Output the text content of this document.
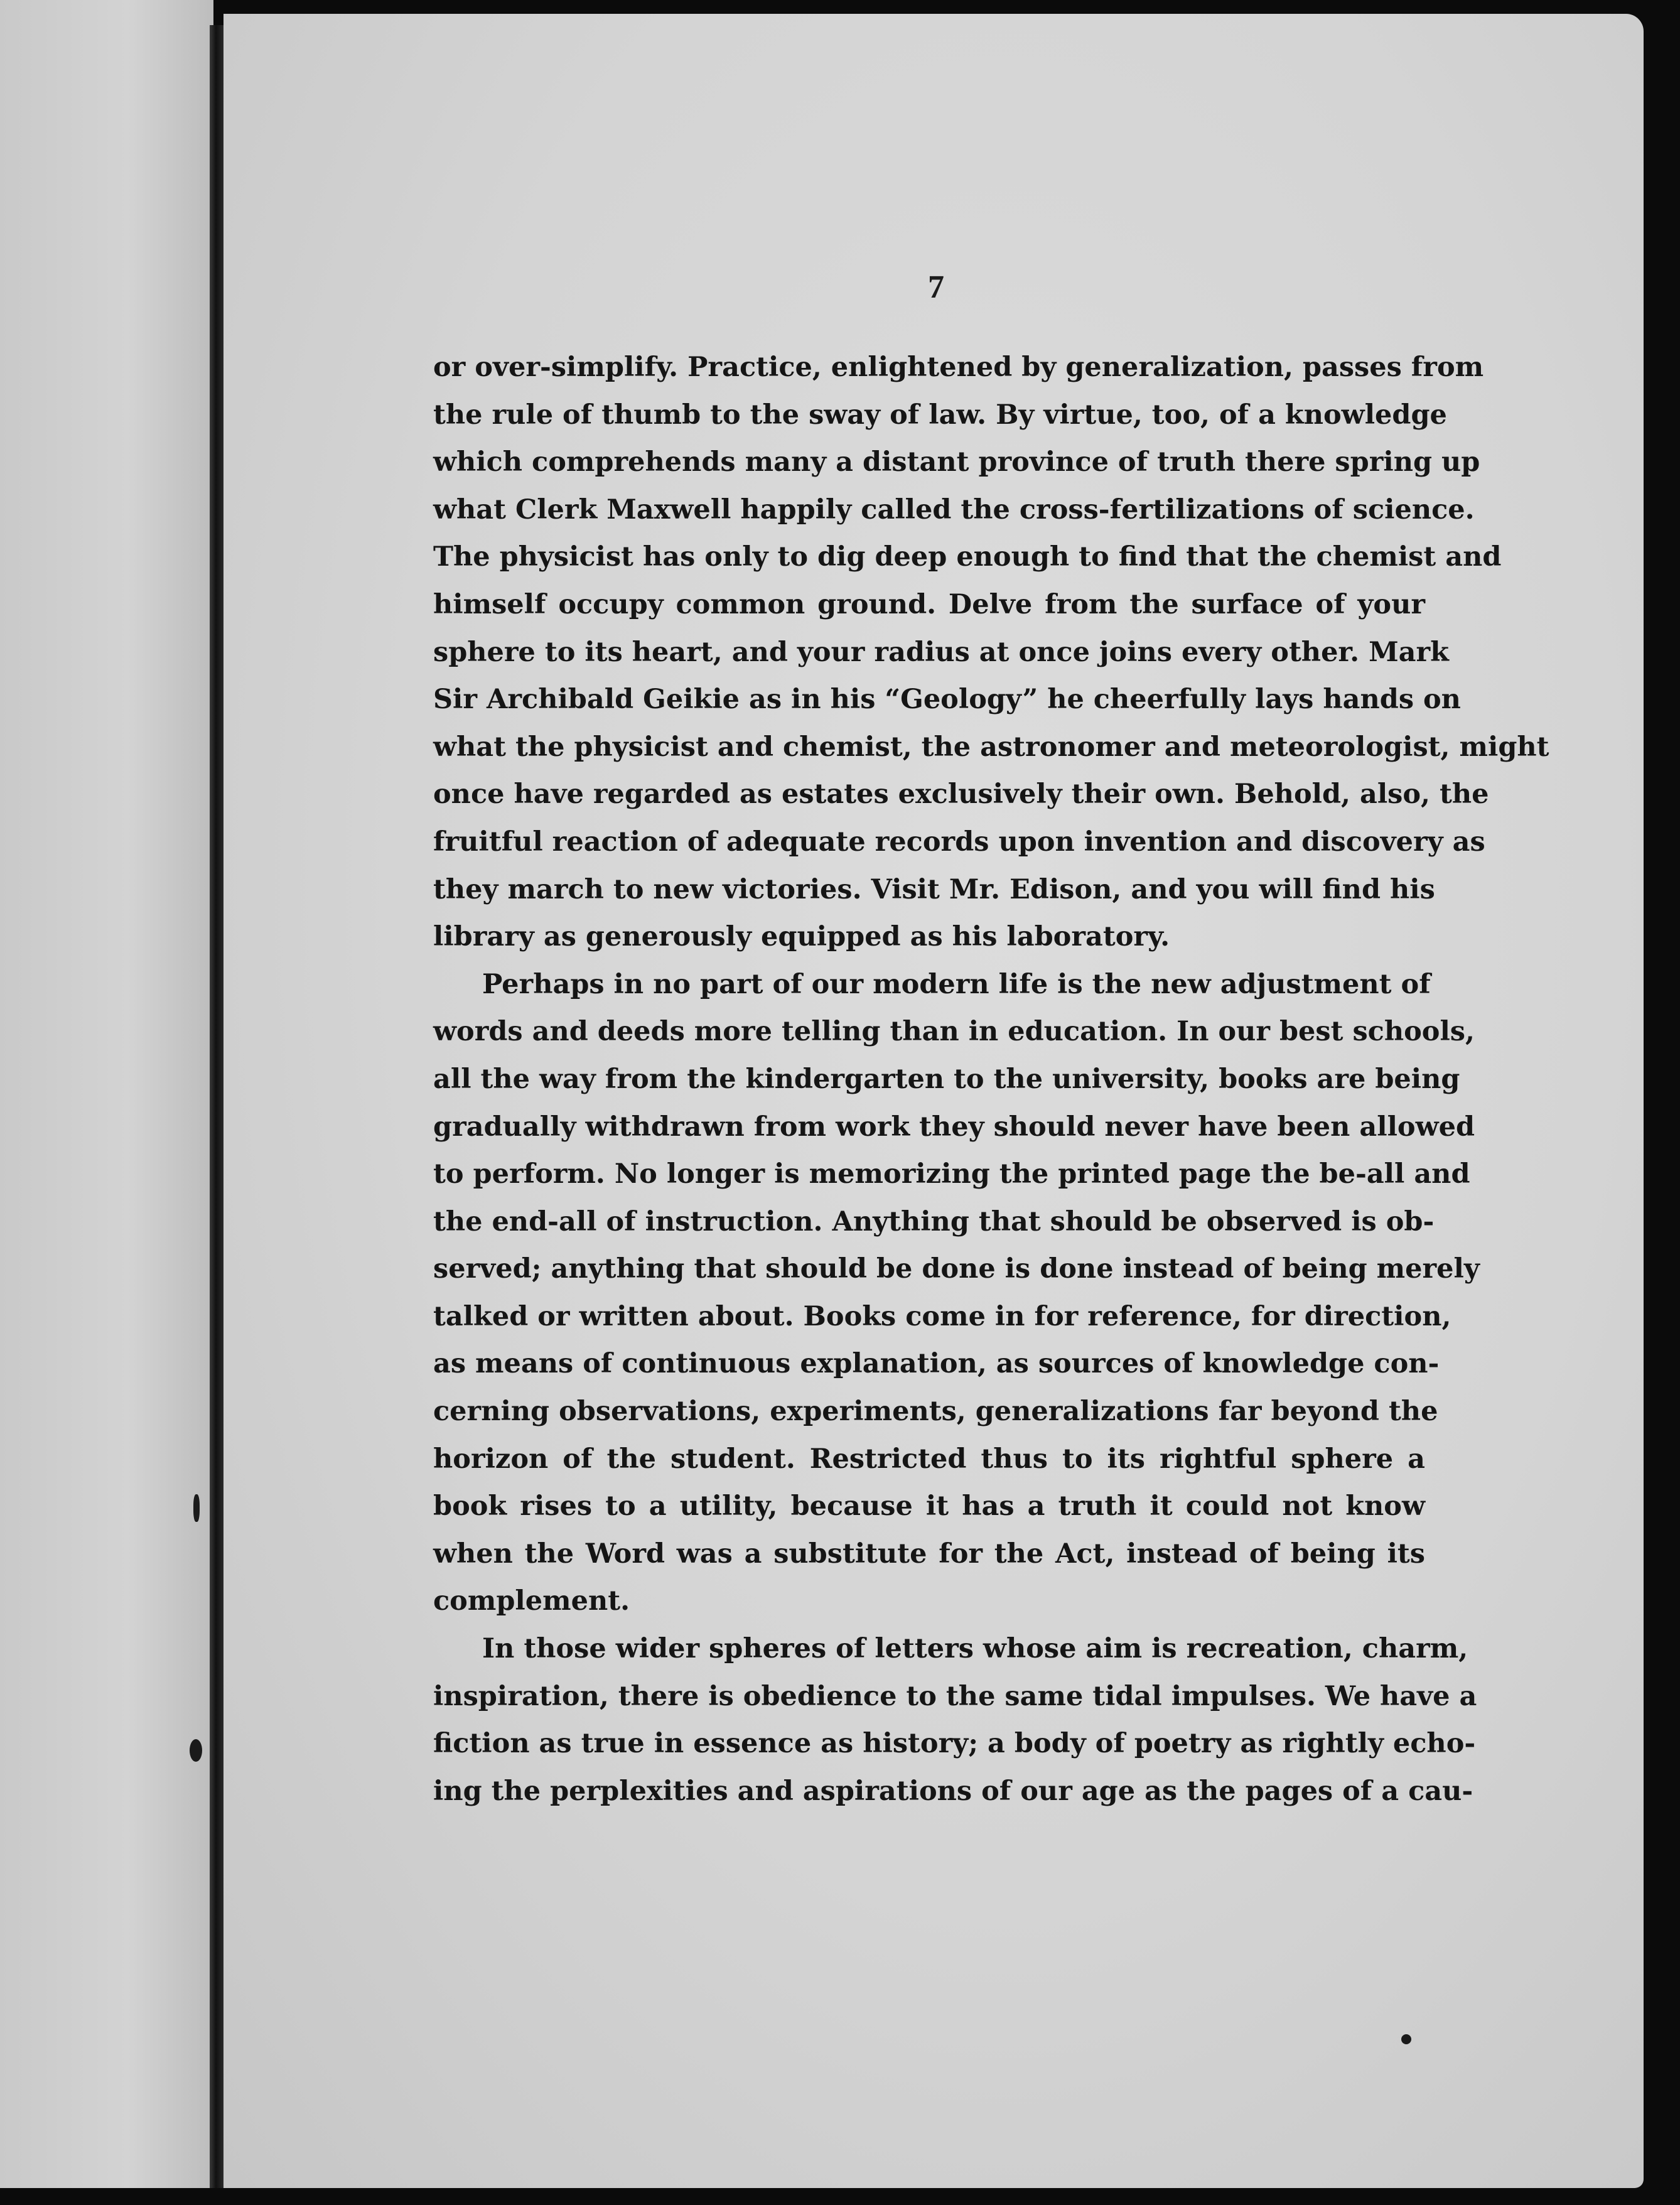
7
or over-simplify. Practice, enlightened by generalization, passes from
the rule of thumb to the sway of law. By virtue, too, of a knowledge
which comprehends many a distant province of truth there spring up
what Clerk Maxwell happily called the cross-fertilizations of science.
The physicist has only to dig deep enough to find that the chemist and
himself occupy common ground. Delve from the surface of your
sphere to its heart, and your radius at once joins every other. Mark
Sir Archibald Geikie as in his “Geology” he cheerfully lays hands on
what the physicist and chemist, the astronomer and meteorologist, might
once have regarded as estates exclusively their own. Behold, also, the
fruitful reaction of adequate records upon invention and discovery as
they march to new victories. Visit Mr. Edison, and you will find his
library as generously equipped as his laboratory.
Perhaps in no part of our modern life is the new adjustment of
words and deeds more telling than in education. In our best schools,
all the way from the kindergarten to the university, books are being
gradually withdrawn from work they should never have been allowed
to perform. No longer is memorizing the printed page the be-all and
the end-all of instruction. Anything that should be observed is ob-
served; anything that should be done is done instead of being merely
talked or written about. Books come in for reference, for direction,
as means of continuous explanation, as sources of knowledge con-
cerning observations, experiments, generalizations far beyond the
horizon of the student. Restricted thus to its rightful sphere a
book rises to a utility, because it has a truth it could not know
when the Word was a substitute for the Act, instead of being its
complement.
In those wider spheres of letters whose aim is recreation, charm,
inspiration, there is obedience to the same tidal impulses. We have a
fiction as true in essence as history; a body of poetry as rightly echo-
ing the perplexities and aspirations of our age as the pages of a cau-
